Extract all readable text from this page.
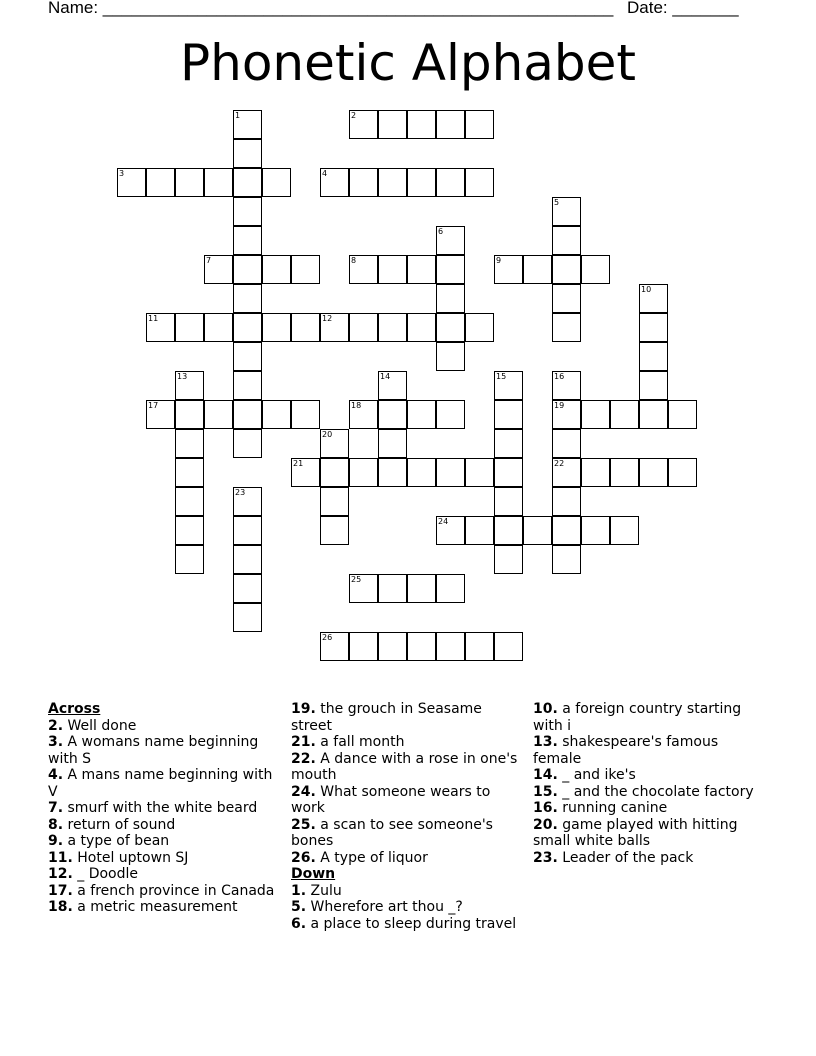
Name: ______________________________________________________ Date: _______
Phonetic Alphabet
1	2
3	4
5
6
7	8	9
10
11	12
13	14	15	16
17	18	19
20
21	22
23
24
25
26
Across
2. Well done
3. A womans name beginning with S
4. A mans name beginning with V
7. smurf with the white beard
8. return of sound
9. a type of bean
11. Hotel uptown SJ
12. _ Doodle
17. a french province in Canada
18. a metric measurement
19. the grouch in Seasame street
21. a fall month
22. A dance with a rose in one's mouth
24. What someone wears to work
25. a scan to see someone's bones
26. A type of liquor
Down
1. Zulu
5. Wherefore art thou _?
6. a place to sleep during travel
10. a foreign country starting with i
13. shakespeare's famous female
14. _ and ike's
15. _ and the chocolate factory
16. running canine
20. game played with hitting small white balls
23. Leader of the pack
